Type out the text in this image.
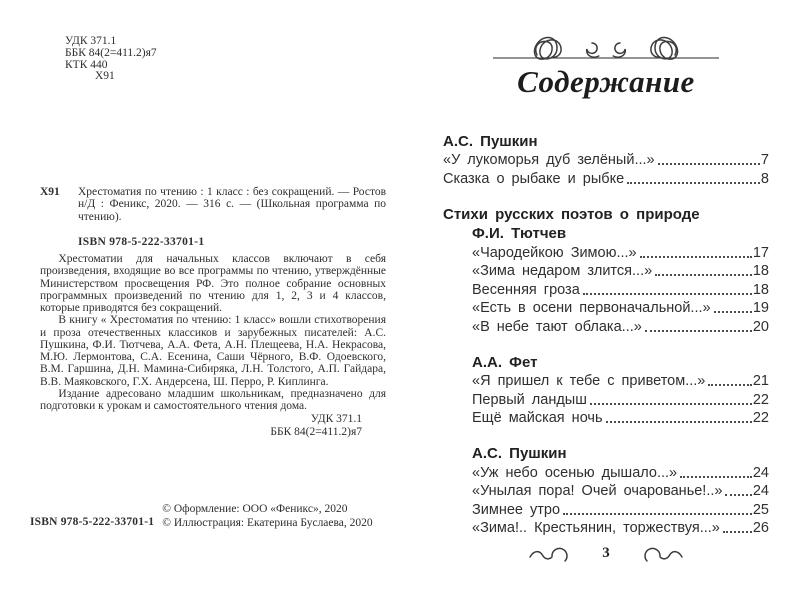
УДК 371.1
ББК 84(2=411.2)я7
КТК 440
Х91
Х91 Хрестоматия по чтению : 1 класс : без сокращений. — Ростов н/Д : Феникс, 2020. — 316 с. — (Школьная программа по чтению).
ISBN 978-5-222-33701-1

Хрестоматии для начальных классов включают в себя произведения, входящие во все программы по чтению, утверждённые Министерством просвещения РФ. Это полное собрание основных программных произведений по чтению для 1, 2, 3 и 4 классов, которые приводятся без сокращений.

В книгу « Хрестоматия по чтению: 1 класс» вошли стихотворения и проза отечественных классиков и зарубежных писателей: А.С. Пушкина, Ф.И. Тютчева, А.А. Фета, А.Н. Плещеева, Н.А. Некрасова, М.Ю. Лермонтова, С.А. Есенина, Саши Чёрного, В.Ф. Одоевского, В.М. Гаршина, Д.Н. Мамина-Сибиряка, Л.Н. Толстого, А.П. Гайдара, В.В. Маяковского, Г.Х. Андерсена, Ш. Перро, Р. Киплинга.

Издание адресовано младшим школьникам, предназначено для подготовки к урокам и самостоятельного чтения дома.

УДК 371.1
ББК 84(2=411.2)я7
ISBN 978-5-222-33701-1
© Оформление: ООО «Феникс», 2020
© Иллюстрация: Екатерина Буслаева, 2020
Содержание
А.С. Пушкин
«У лукоморья дуб зелёный...»	7
Сказка о рыбаке и рыбке	8
Стихи русских поэтов о природе
Ф.И. Тютчев
«Чародейкою Зимою...»	17
«Зима недаром злится...»	18
Весенняя гроза	18
«Есть в осени первоначальной...»	19
«В небе тают облака...»	20
А.А. Фет
«Я пришел к тебе с приветом...»	21
Первый ландыш	22
Ещё майская ночь	22
А.С. Пушкин
«Уж небо осенью дышало...»	24
«Унылая пора! Очей очарованье!..» 24
Зимнее утро	25
«Зима!.. Крестьянин, торжествуя...» 26
3
